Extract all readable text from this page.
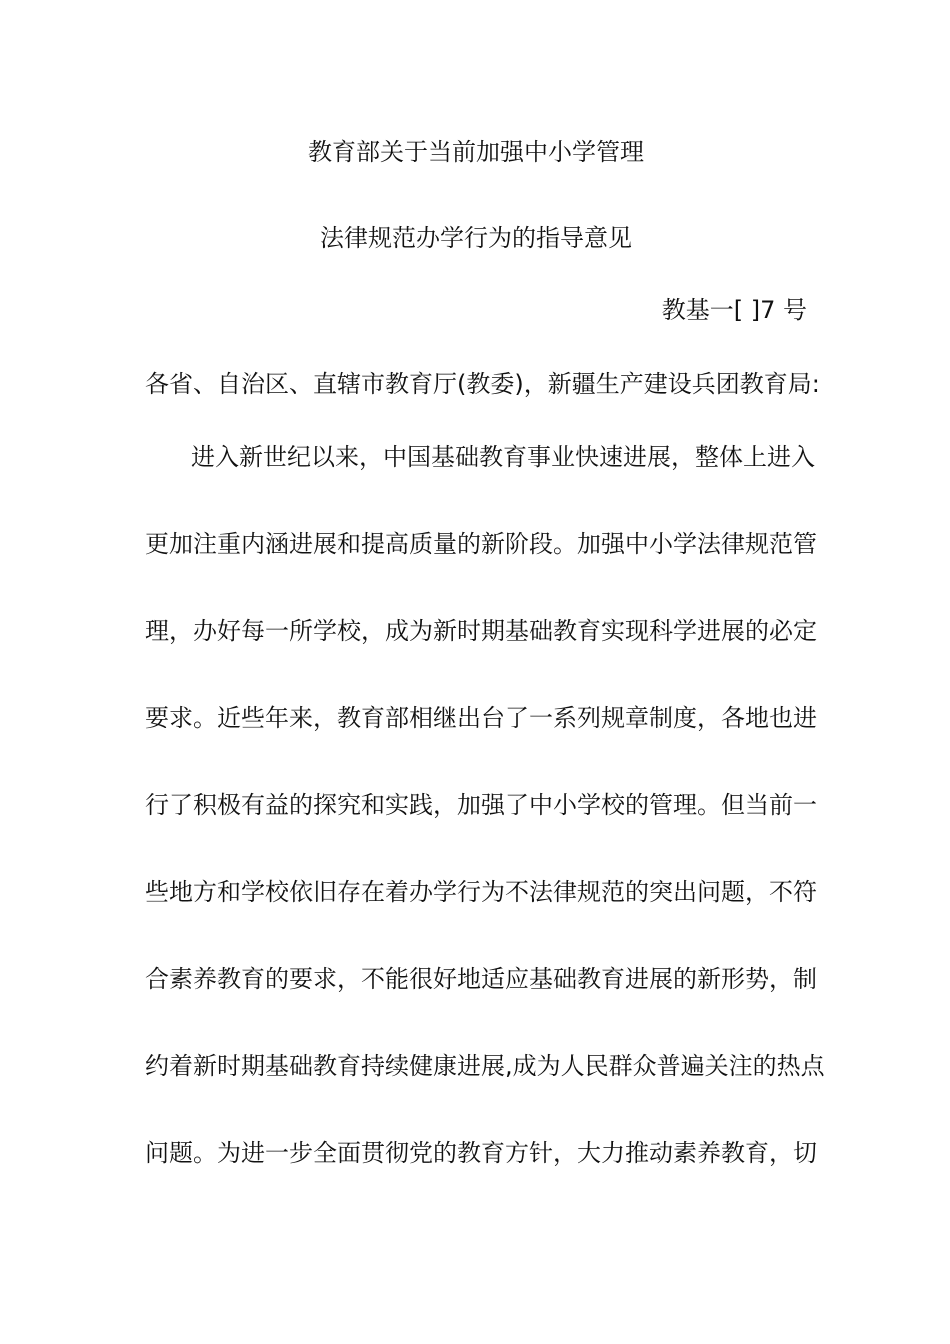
教育部关于当前加强中小学管理
法律规范办学行为的指导意见
教基一[ ]7 号
各省、自治区、直辖市教育厅(教委)，新疆生产建设兵团教育局:
进入新世纪以来，中国基础教育事业快速进展，整体上进入
更加注重内涵进展和提高质量的新阶段。加强中小学法律规范管
理，办好每一所学校，成为新时期基础教育实现科学进展的必定
要求。近些年来，教育部相继出台了一系列规章制度，各地也进
行了积极有益的探究和实践，加强了中小学校的管理。但当前一
些地方和学校依旧存在着办学行为不法律规范的突出问题，不符
合素养教育的要求，不能很好地适应基础教育进展的新形势，制
约着新时期基础教育持续健康进展,成为人民群众普遍关注的热点
问题。为进一步全面贯彻党的教育方针，大力推动素养教育，切
